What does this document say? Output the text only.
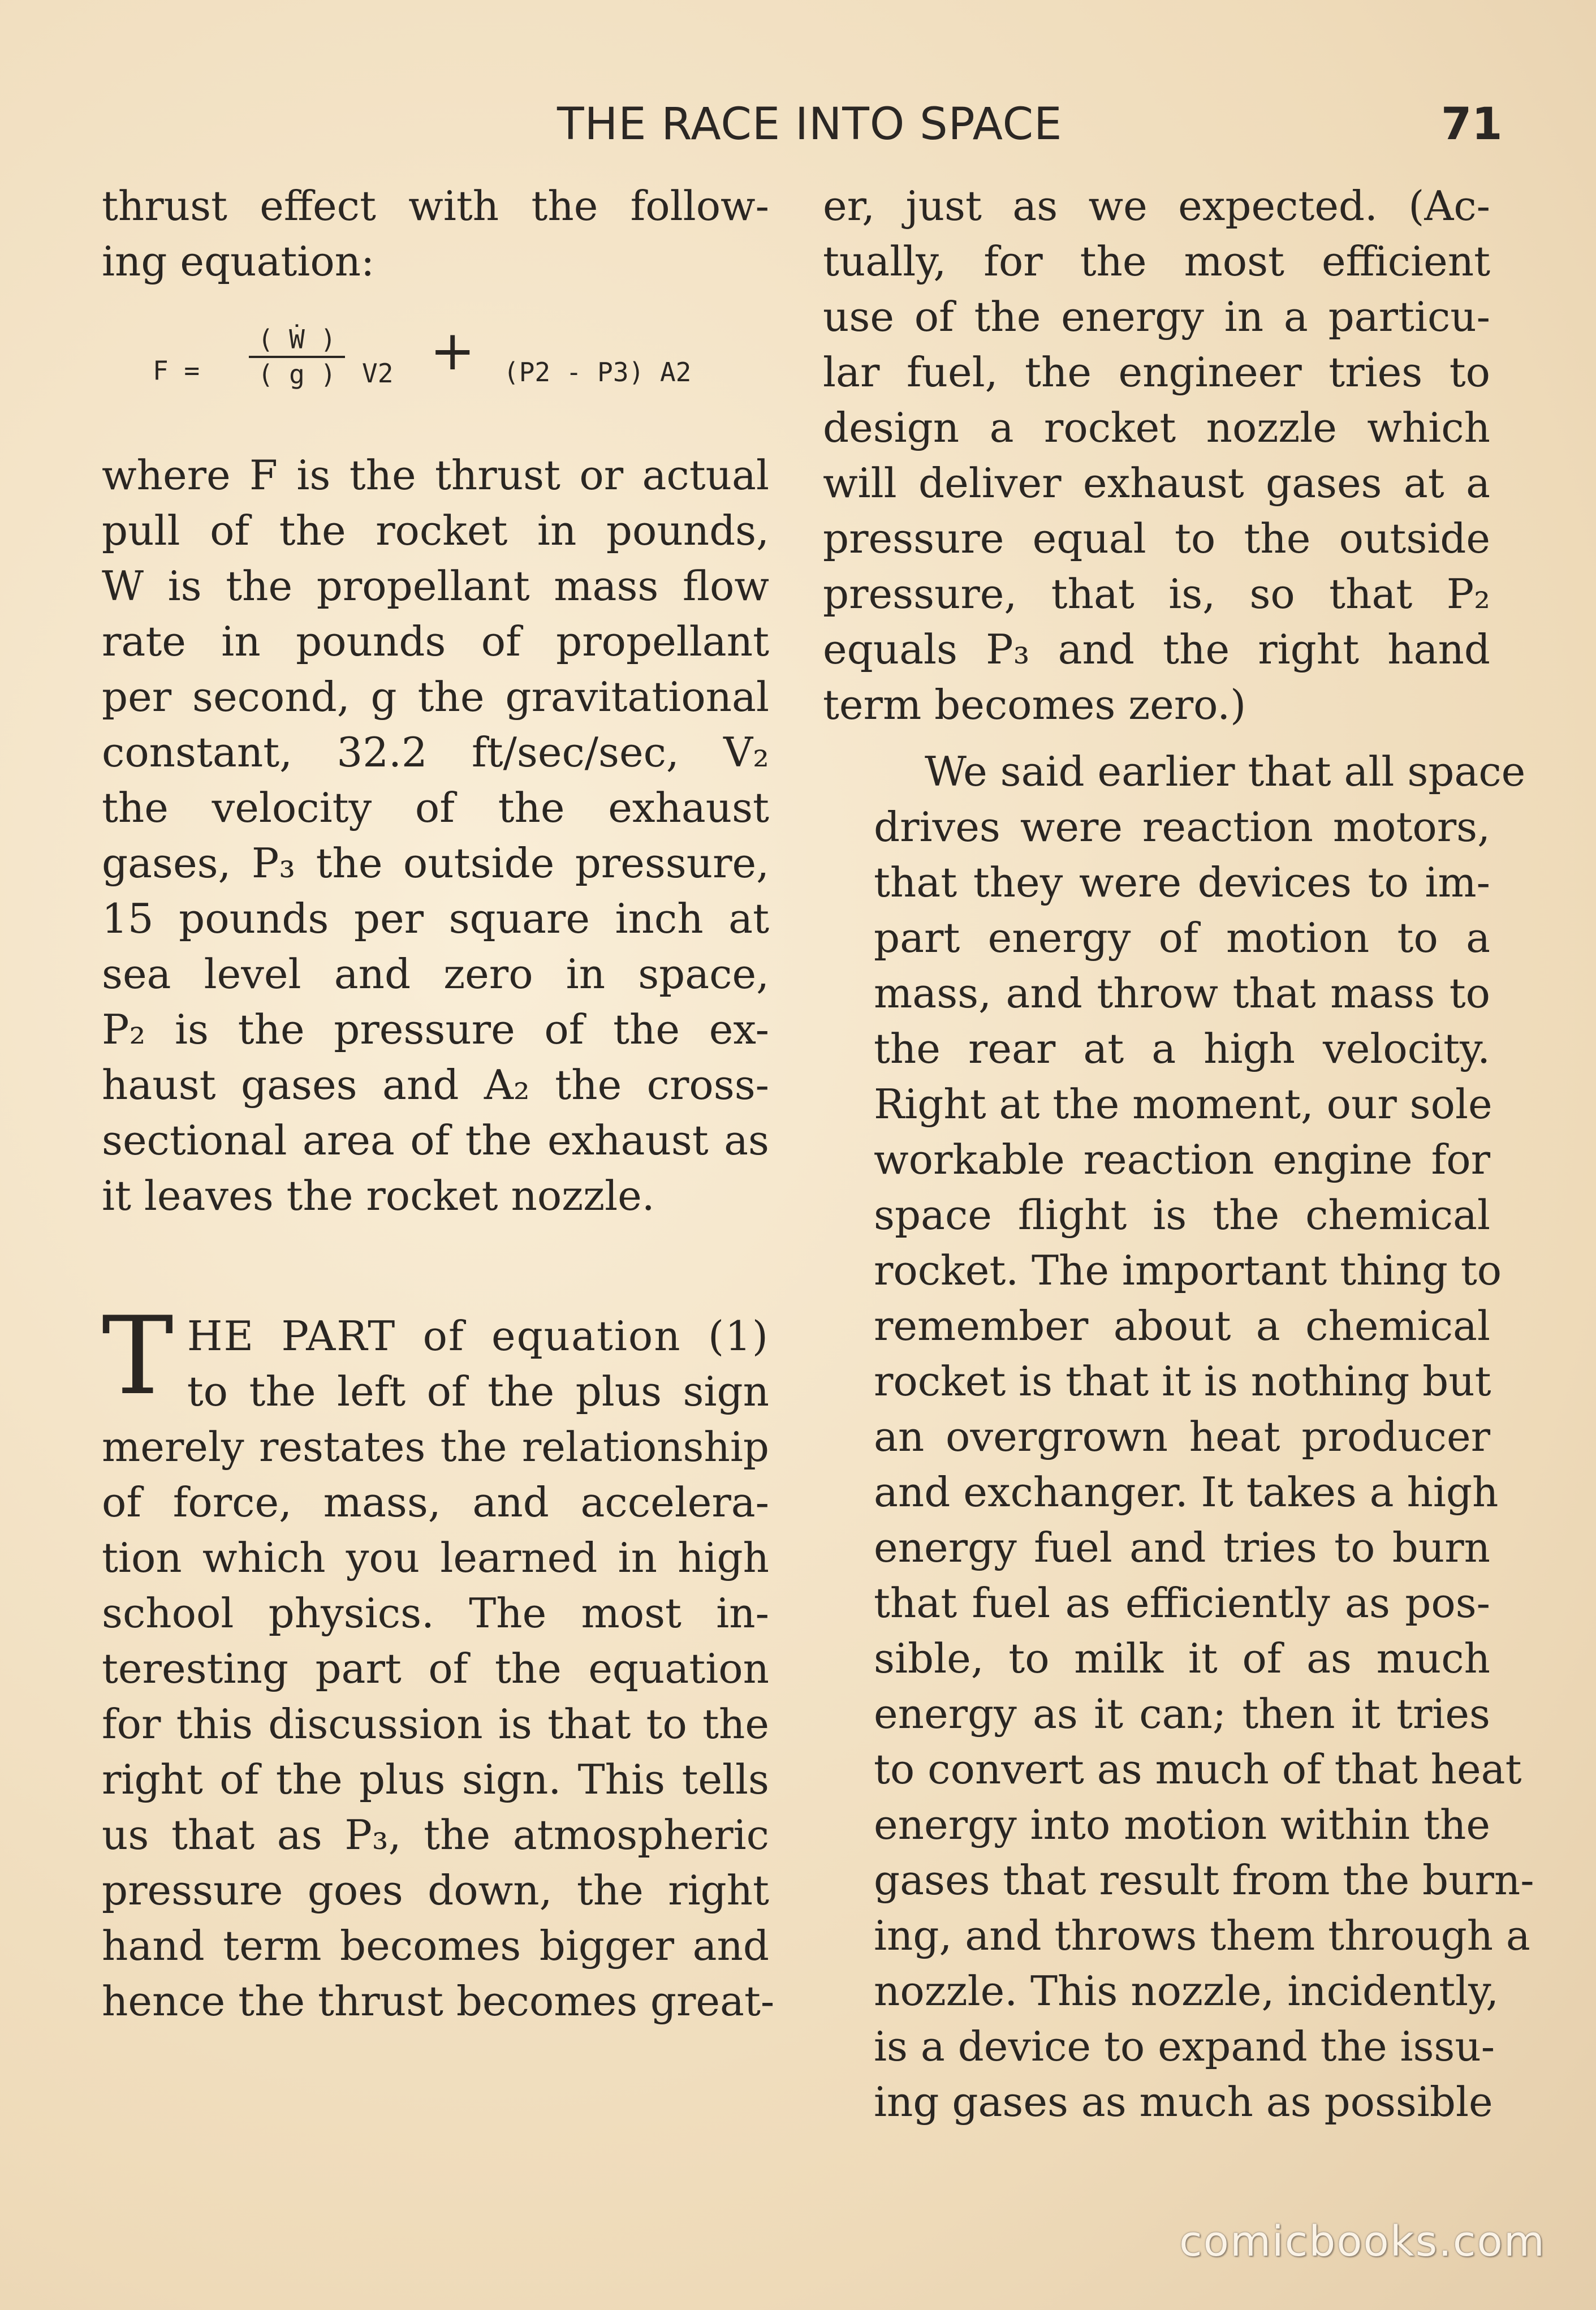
THE RACE INTO SPACE	71
thrust effect with the follow-
ing equation:
$F = \frac{\text{( Ẇ )}}{( g )} V2 + (P2 - P3)$ A2
where F is the thrust or actual
pull of the rocket in pounds,
W is the propellant mass flow
rate in pounds of propellant
per second, g the gravitational
constant, 32.2 ft/sec/sec, V₂
the velocity of the exhaust
gases, P₃ the outside pressure,
15 pounds per square inch at
sea level and zero in space,
P₂ is the pressure of the ex-
haust gases and A₂ the cross-
sectional area of the exhaust as
it leaves the rocket nozzle.
T HE PART of equation (1)
to the left of the plus sign
merely restates the relationship
of force, mass, and accelera-
tion which you learned in high
school physics. The most in-
teresting part of the equation
for this discussion is that to the
right of the plus sign. This tells
us that as P₃, the atmospheric
pressure goes down, the right
hand term becomes bigger and
hence the thrust becomes great-
er, just as we expected. (Ac-
tually, for the most efficient
use of the energy in a particu-
lar fuel, the engineer tries to
design a rocket nozzle which
will deliver exhaust gases at a
pressure equal to the outside
pressure, that is, so that P₂
equals P₃ and the right hand
term becomes zero.)
We said earlier that all space
drives were reaction motors,
that they were devices to im-
part energy of motion to a
mass, and throw that mass to
the rear at a high velocity.
Right at the moment, our sole
workable reaction engine for
space flight is the chemical
rocket. The important thing to
remember about a chemical
rocket is that it is nothing but
an overgrown heat producer
and exchanger. It takes a high
energy fuel and tries to burn
that fuel as efficiently as pos-
sible, to milk it of as much
energy as it can; then it tries
to convert as much of that heat
energy into motion within the
gases that result from the burn-
ing, and throws them through a
nozzle. This nozzle, incidently,
is a device to expand the issu-
ing gases as much as possible
comicbooks.com
